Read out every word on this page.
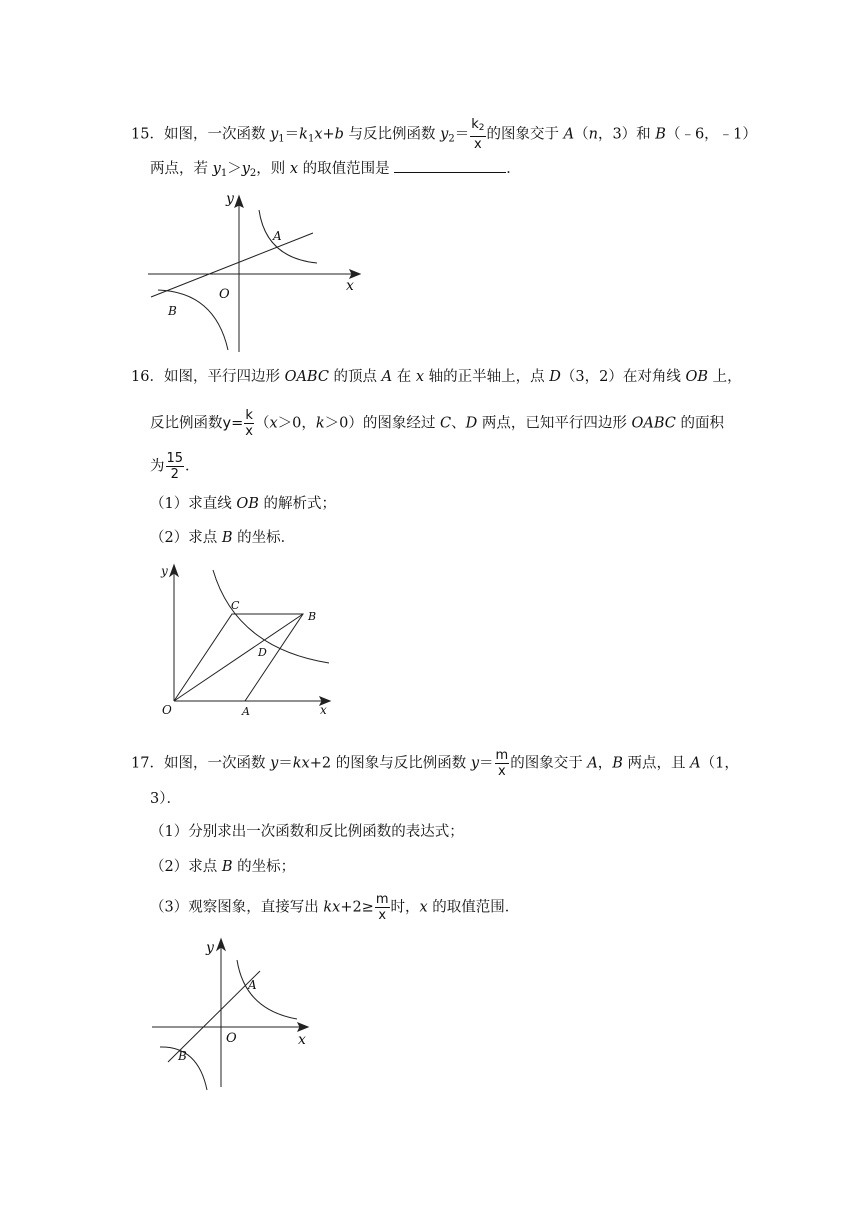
15．如图，一次函数 $y_1=k_1x+b$ 与反比例函数 $y_2= \frac{k_2}{x}$ 的图象交于 A（n，3）和 B（﹣6，﹣1）
两点，若 $y_1>y_2$，则 x 的取值范围是	．
y
x
A
B
O
16．如图，平行四边形 OABC 的顶点 A 在 x 轴的正半轴上，点 D（3，2）在对角线 OB 上，
反比例函数$y= \frac{k}{x} (x>0$，k＞0）的图象经过 C、D 两点，已知平行四边形 OABC 的面积
为 $\frac{15}{2}$ ．
（1）求直线 OB 的解析式；
（2）求点 B 的坐标．
y
x
O	A
B
C
D
17．如图，一次函数 y＝kx+2 的图象与反比例函数 $y= \frac{m}{x}$ 的图象交于 A，B 两点，且 A（1，
3）．
（1）分别求出一次函数和反比例函数的表达式；
（2）求点 B 的坐标；
（3）观察图象，直接写出 $kx+2\ge \frac{m}{x}$ 时，x 的取值范围．
y
x
A
B
O
